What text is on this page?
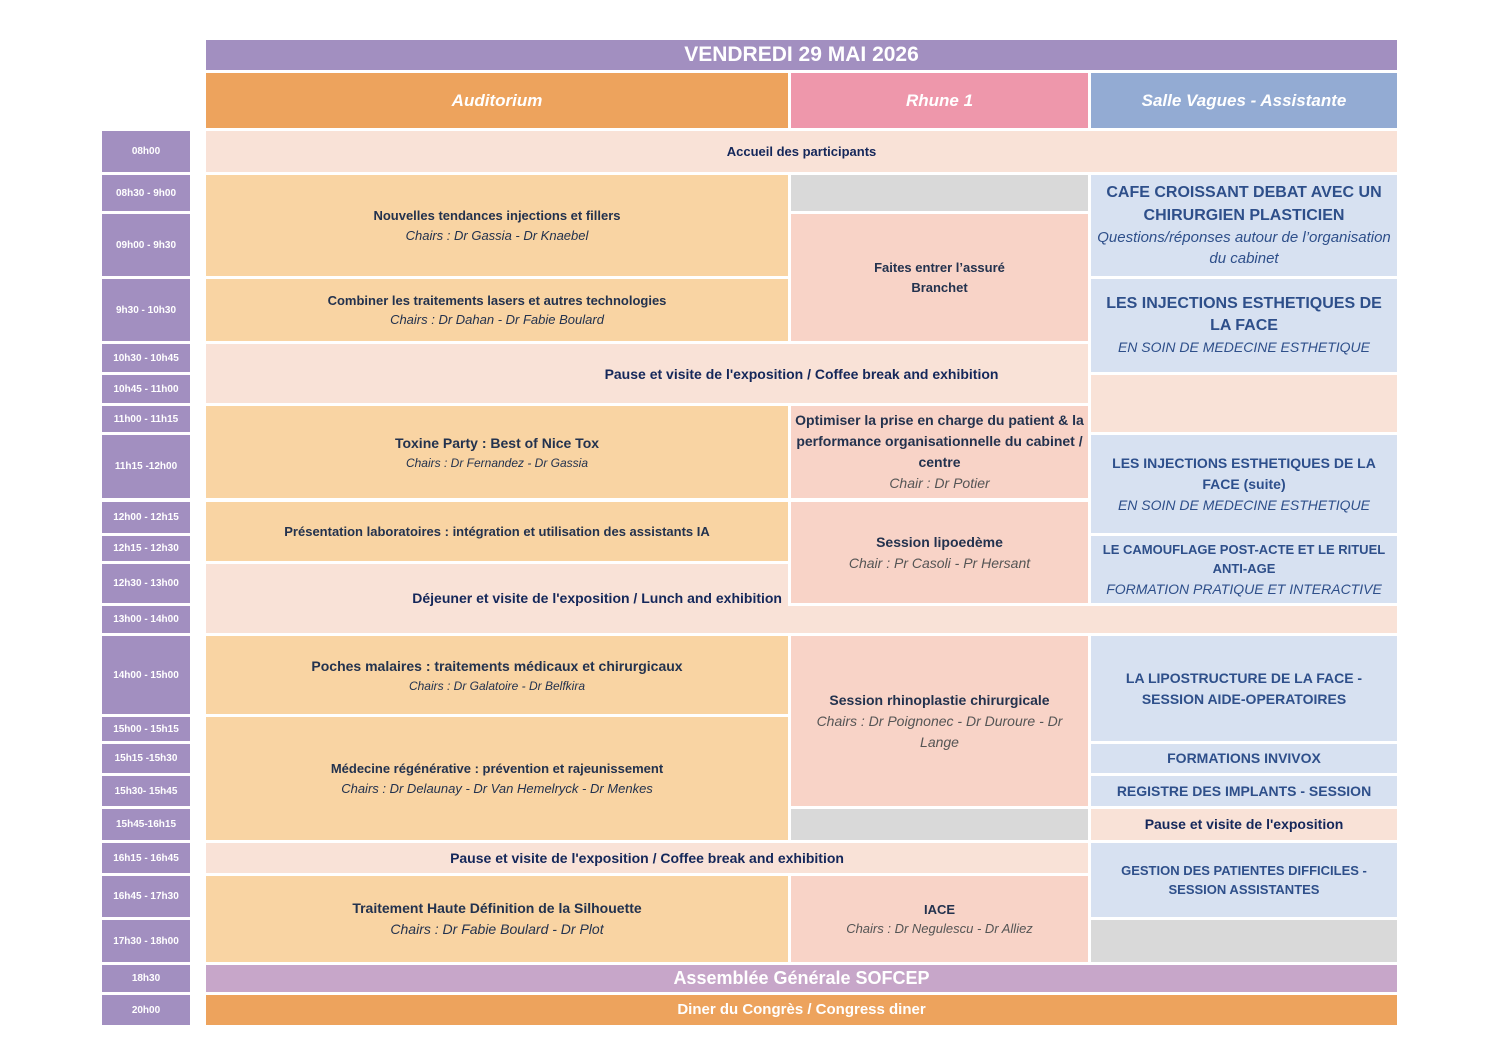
VENDREDI 29 MAI 2026
Auditorium	Rhune 1	Salle Vagues - Assistante
08h00
08h30 - 9h00
09h00 - 9h30
9h30 - 10h30
10h30 - 10h45
10h45 - 11h00
11h00 - 11h15
11h15 -12h00
12h00 - 12h15
12h15 - 12h30
12h30 - 13h00
13h00 - 14h00
14h00 - 15h00
15h00 - 15h15
15h15 -15h30
15h30- 15h45
15h45-16h15
16h15 - 16h45
16h45 - 17h30
17h30 - 18h00
18h30
20h00
Accueil des participants
Nouvelles tendances injections et fillers
Chairs : Dr Gassia - Dr Knaebel
Combiner les traitements lasers et autres technologies
Chairs : Dr Dahan - Dr Fabie Boulard
Faites entrer l’assuré
Branchet
CAFE CROISSANT DEBAT AVEC UN CHIRURGIEN PLASTICIEN
Questions/réponses autour de l’organisation du cabinet
LES INJECTIONS ESTHETIQUES DE LA FACE
EN SOIN DE MEDECINE ESTHETIQUE
Pause et visite de l'exposition / Coffee break and exhibition
Toxine Party : Best of Nice Tox
Chairs : Dr Fernandez - Dr Gassia
Optimiser la prise en charge du patient & la performance organisationnelle du cabinet / centre
Chair : Dr Potier
LES INJECTIONS ESTHETIQUES DE LA FACE (suite)
EN SOIN DE MEDECINE ESTHETIQUE
Présentation laboratoires : intégration et utilisation des assistants IA
Session lipoedème
Chair : Pr Casoli - Pr Hersant
LE CAMOUFLAGE POST-ACTE ET LE RITUEL ANTI-AGE
FORMATION PRATIQUE ET INTERACTIVE
Déjeuner et visite de l'exposition / Lunch and exhibition
Poches malaires : traitements médicaux et chirurgicaux
Chairs : Dr Galatoire - Dr Belfkira
Médecine régénérative : prévention et rajeunissement
Chairs : Dr Delaunay - Dr Van Hemelryck - Dr Menkes
Session rhinoplastie chirurgicale
Chairs : Dr Poignonec - Dr Duroure - Dr Lange
LA LIPOSTRUCTURE DE LA FACE - SESSION AIDE-OPERATOIRES
FORMATIONS INVIVOX
REGISTRE DES IMPLANTS - SESSION
Pause et visite de l'exposition
Pause et visite de l'exposition / Coffee break and exhibition
GESTION DES PATIENTES DIFFICILES - SESSION ASSISTANTES
Traitement Haute Définition de la Silhouette
Chairs : Dr Fabie Boulard - Dr Plot
IACE
Chairs : Dr Negulescu - Dr Alliez
Assemblée Générale SOFCEP
Diner du Congrès / Congress diner
